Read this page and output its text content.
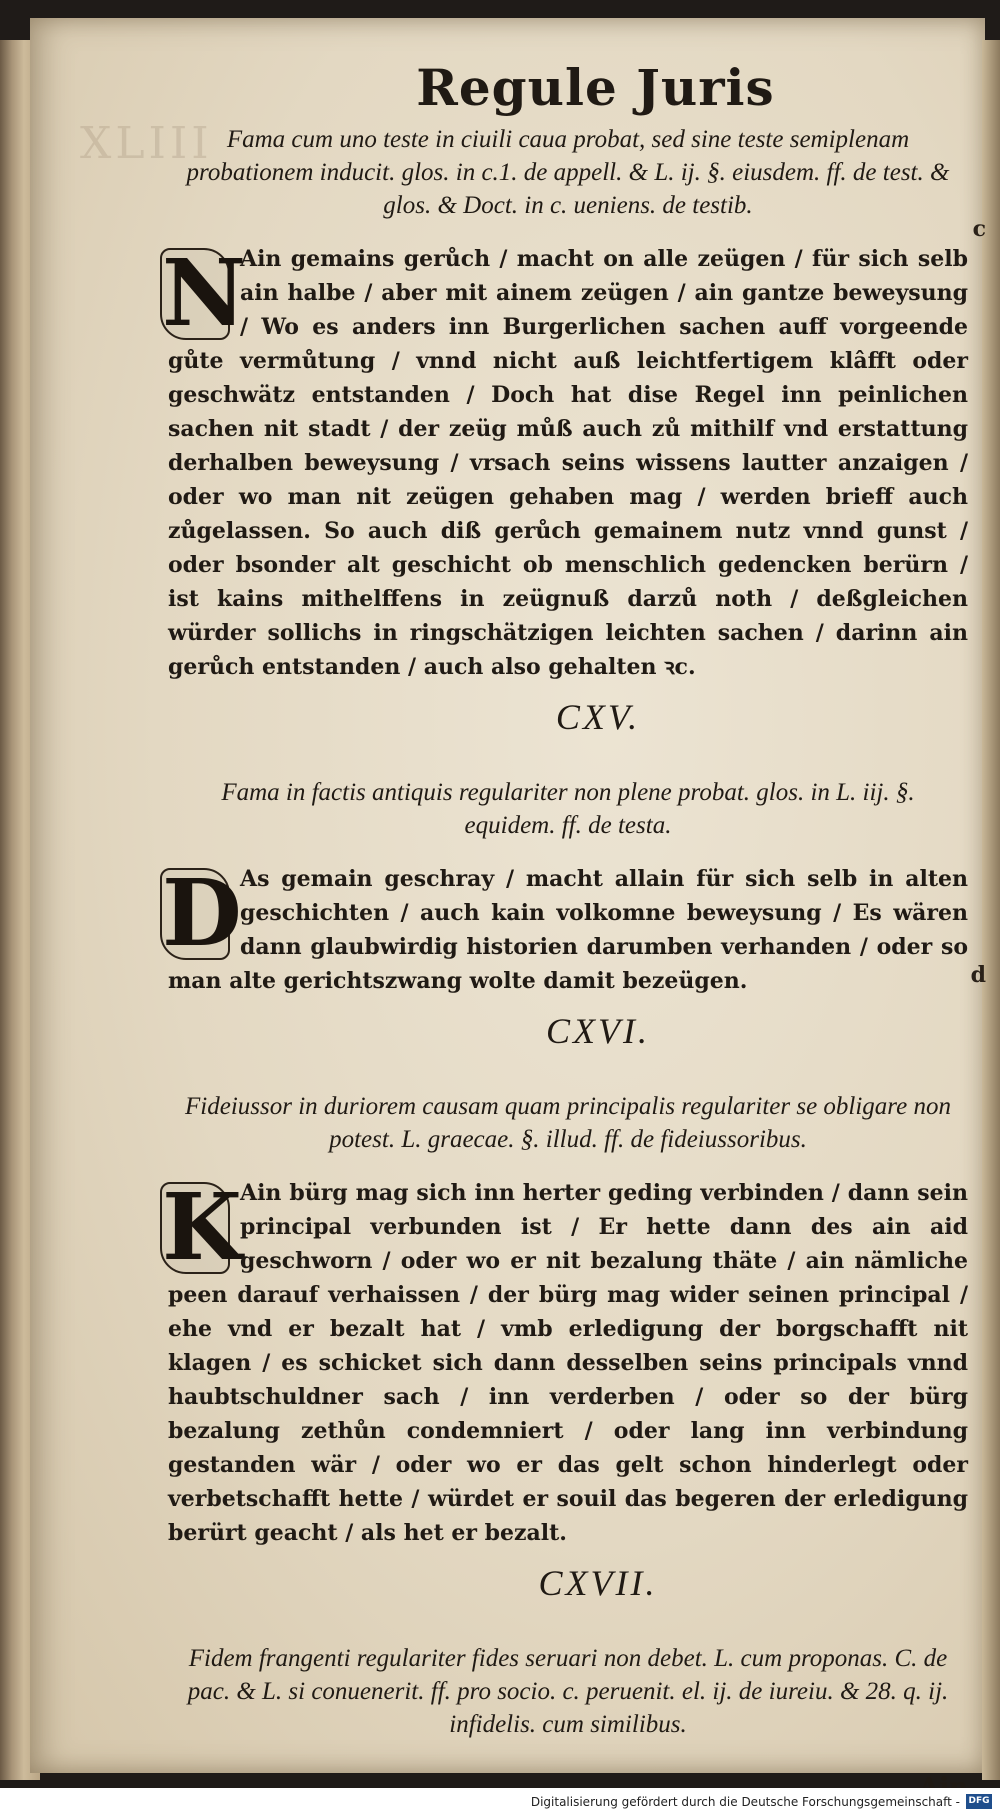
XLIII
Regule Juris
Fama cum uno teste in ciuili caua probat, sed sine teste semiplenam probationem inducit. glos. in c.1. de appell. & L. ij. §. eiusdem. ff. de test. & glos. & Doct. in c. ueniens. de testib.
N

Ain gemains gerůch / macht on alle zeügen / für sich selb ain halbe / aber mit ainem zeügen / ain gantze beweysung / Wo es anders inn Burgerlichen sachen auff vorgeende gůte vermůtung / vnnd nicht auß leichtfertigem klâfft oder geschwätz entstanden / Doch hat dise Regel inn peinlichen sachen nit stadt / der zeüg můß auch zů mithilf vnd erstattung derhalben beweysung / vrsach seins wissens lautter anzaigen / oder wo man nit zeügen gehaben mag / werden brieff auch zůgelassen. So auch diß gerůch gemainem nutz vnnd gunst / oder bsonder alt geschicht ob menschlich gedencken berürn / ist kains mithelffens in zeügnuß darzů noth / deßgleichen würder sollichs in ringschätzigen leichten sachen / darinn ain gerůch entstanden / auch also gehalten ꝛc.

c
CXV.
Fama in factis antiquis regulariter non plene probat. glos. in L. iij. §. equidem. ff. de testa.
D

As gemain geschray / macht allain für sich selb in alten geschichten / auch kain volkomne beweysung / Es wären dann glaubwirdig historien darumben verhanden / oder so man alte gerichtszwang wolte damit bezeügen.	d
CXVI.
Fideiussor in duriorem causam quam principalis regulariter se obligare non potest. L. graecae. §. illud. ff. de fideiussoribus.
K

Ain bürg mag sich inn herter geding verbinden / dann sein principal verbunden ist / Er hette dann des ain aid geschworn / oder wo er nit bezalung thäte / ain nämliche peen darauf verhaissen / der bürg mag wider seinen principal / ehe vnd er bezalt hat / vmb erledigung der borgschafft nit klagen / es schicket sich dann desselben seins principals vnnd haubtschuldner sach / inn verderben / oder so der bürg bezalung zethůn condemniert / oder lang inn verbindung gestanden wär / oder wo er das gelt schon hinderlegt oder verbetschafft hette / würdet er souil das begeren der erledigung berürt geacht / als het er bezalt.

CXVII.
Fidem frangenti regulariter fides seruari non debet. L. cum proponas. C. de pac. & L. si conuenerit. ff. pro socio. c. peruenit. el. ij. de iureiu. & 28. q. ij. infidelis. cum similibus.
Digitalisierung gefördert durch die Deutsche Forschungsgemeinschaft - DFG
